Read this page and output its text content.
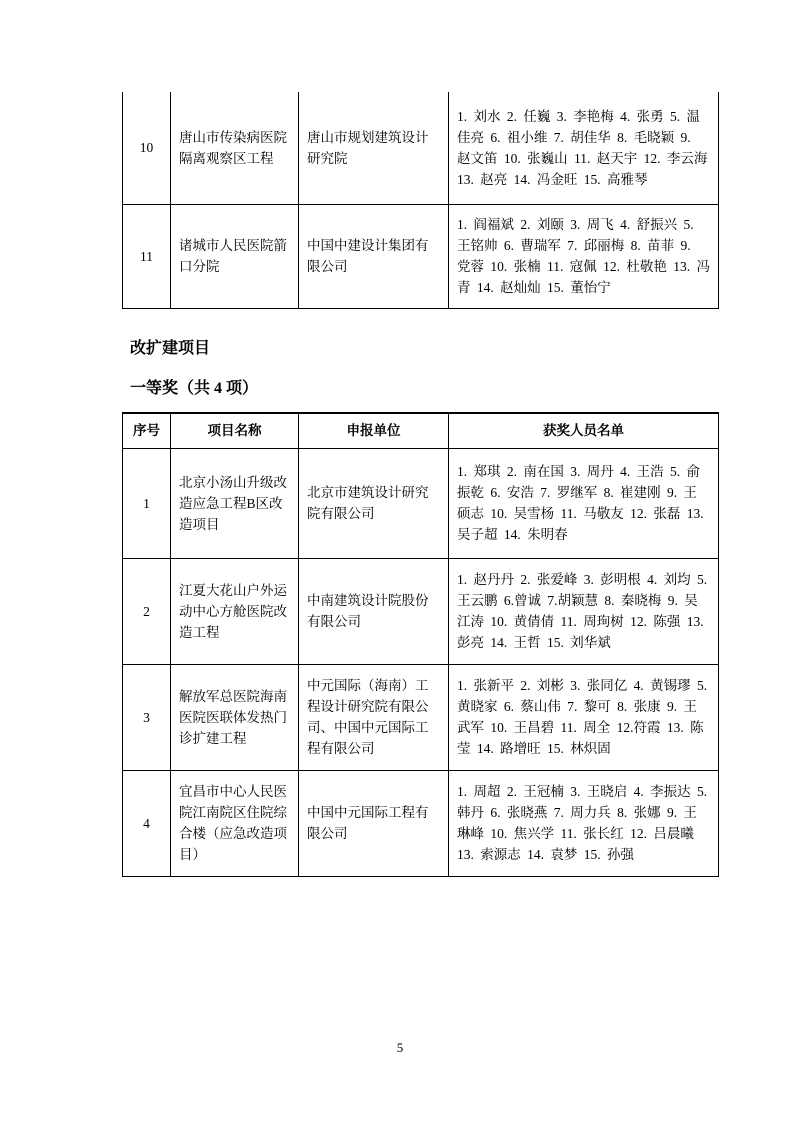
10	唐山市传染病医院隔离观察区工程	唐山市规划建筑设计研究院	1. 刘水 2. 任巍 3. 李艳梅 4. 张勇 5. 温佳亮 6. 祖小维 7. 胡佳华 8. 毛晓颖 9. 赵文笛 10. 张巍山 11. 赵天宇 12. 李云海 13. 赵亮 14. 冯金旺 15. 高雅琴
11	诸城市人民医院箭口分院	中国中建设计集团有限公司	1. 阎福斌 2. 刘颐 3. 周飞 4. 舒振兴 5. 王铭帅 6. 曹瑞军 7. 邱丽梅 8. 苗菲 9. 党蓉 10. 张楠 11. 寇佩 12. 杜敬艳 13. 冯青 14. 赵灿灿 15. 董怡宁
改扩建项目
一等奖（共 4 项）
序号	项目名称	申报单位	获奖人员名单
1	北京小汤山升级改造应急工程B区改造项目	北京市建筑设计研究院有限公司	1. 郑琪 2. 南在国 3. 周丹 4. 王浩 5. 俞振乾 6. 安浩 7. 罗继军 8. 崔建刚 9. 王硕志 10. 吴雪杨 11. 马敬友 12. 张磊 13. 吴子超 14. 朱明春
2	江夏大花山户外运动中心方舱医院改造工程	中南建筑设计院股份有限公司	1. 赵丹丹 2. 张爱峰 3. 彭明根 4. 刘均 5. 王云鹏 6.曾诚 7.胡颖慧 8. 秦晓梅 9. 吴江涛 10. 黄倩倩 11. 周珣树 12. 陈强 13. 彭亮 14. 王哲 15. 刘华斌
3	解放军总医院海南医院医联体发热门诊扩建工程	中元国际（海南）工程设计研究院有限公司、中国中元国际工程有限公司	1. 张新平 2. 刘彬 3. 张同亿 4. 黄锡璆 5. 黄晓家 6. 蔡山伟 7. 黎可 8. 张康 9. 王武军 10. 王昌碧 11. 周全 12.符霞 13. 陈莹 14. 路增旺 15. 林炽固
4	宜昌市中心人民医院江南院区住院综合楼（应急改造项目）	中国中元国际工程有限公司	1. 周超 2. 王冠楠 3. 王晓启 4. 李振达 5. 韩丹 6. 张晓燕 7. 周力兵 8. 张娜 9. 王琳峰 10. 焦兴学 11. 张长红 12. 吕晨曦 13. 索源志 14. 袁梦 15. 孙强
5
